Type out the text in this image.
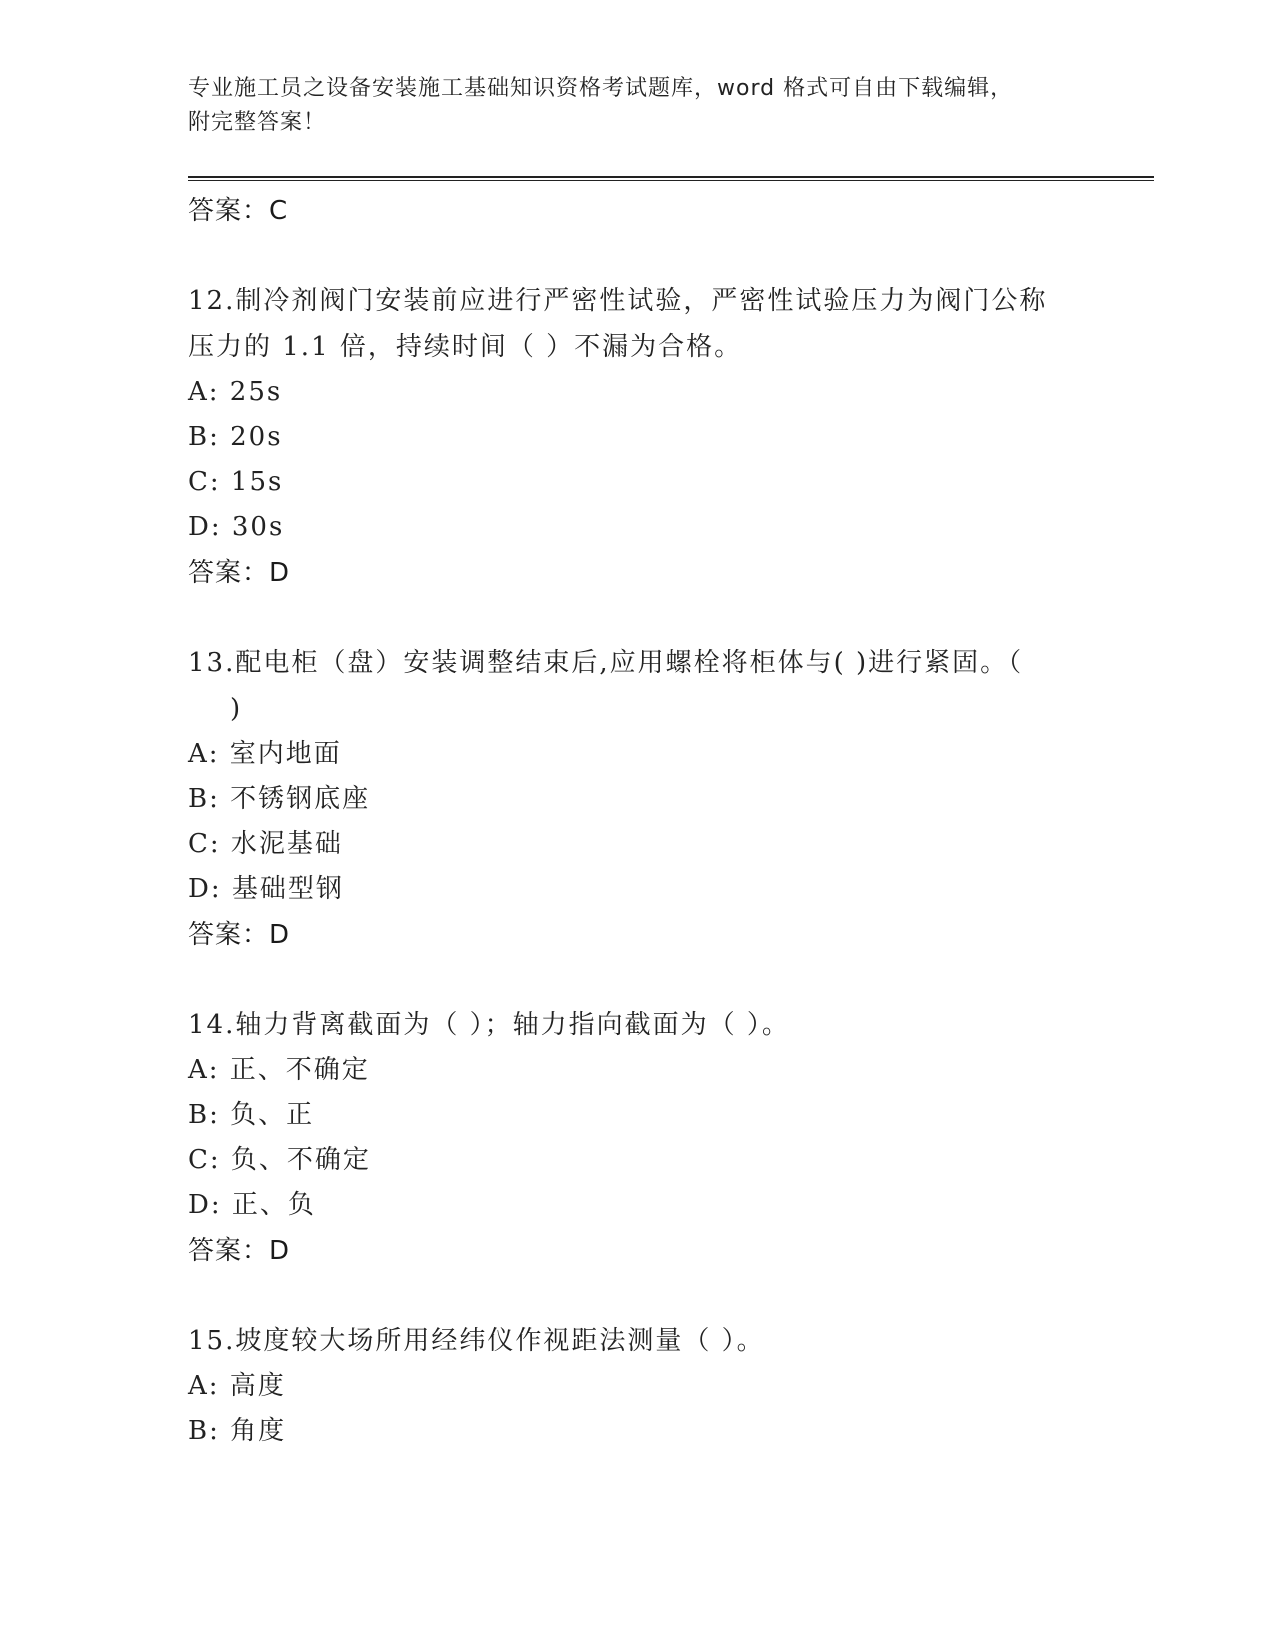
专业施工员之设备安装施工基础知识资格考试题库，word 格式可自由下载编辑，
附完整答案！
答案：C
12.制冷剂阀门安装前应进行严密性试验，严密性试验压力为阀门公称
压力的 1.1 倍，持续时间（ ）不漏为合格。
A: 25s
B: 20s
C: 15s
D: 30s
答案：D
13.配电柜（盘）安装调整结束后,应用螺栓将柜体与( )进行紧固。（
)
A: 室内地面
B: 不锈钢底座
C: 水泥基础
D: 基础型钢
答案：D
14.轴力背离截面为（ ）；轴力指向截面为（ ）。
A: 正、不确定
B: 负、正
C: 负、不确定
D: 正、负
答案：D
15.坡度较大场所用经纬仪作视距法测量（ ）。
A: 高度
B: 角度
